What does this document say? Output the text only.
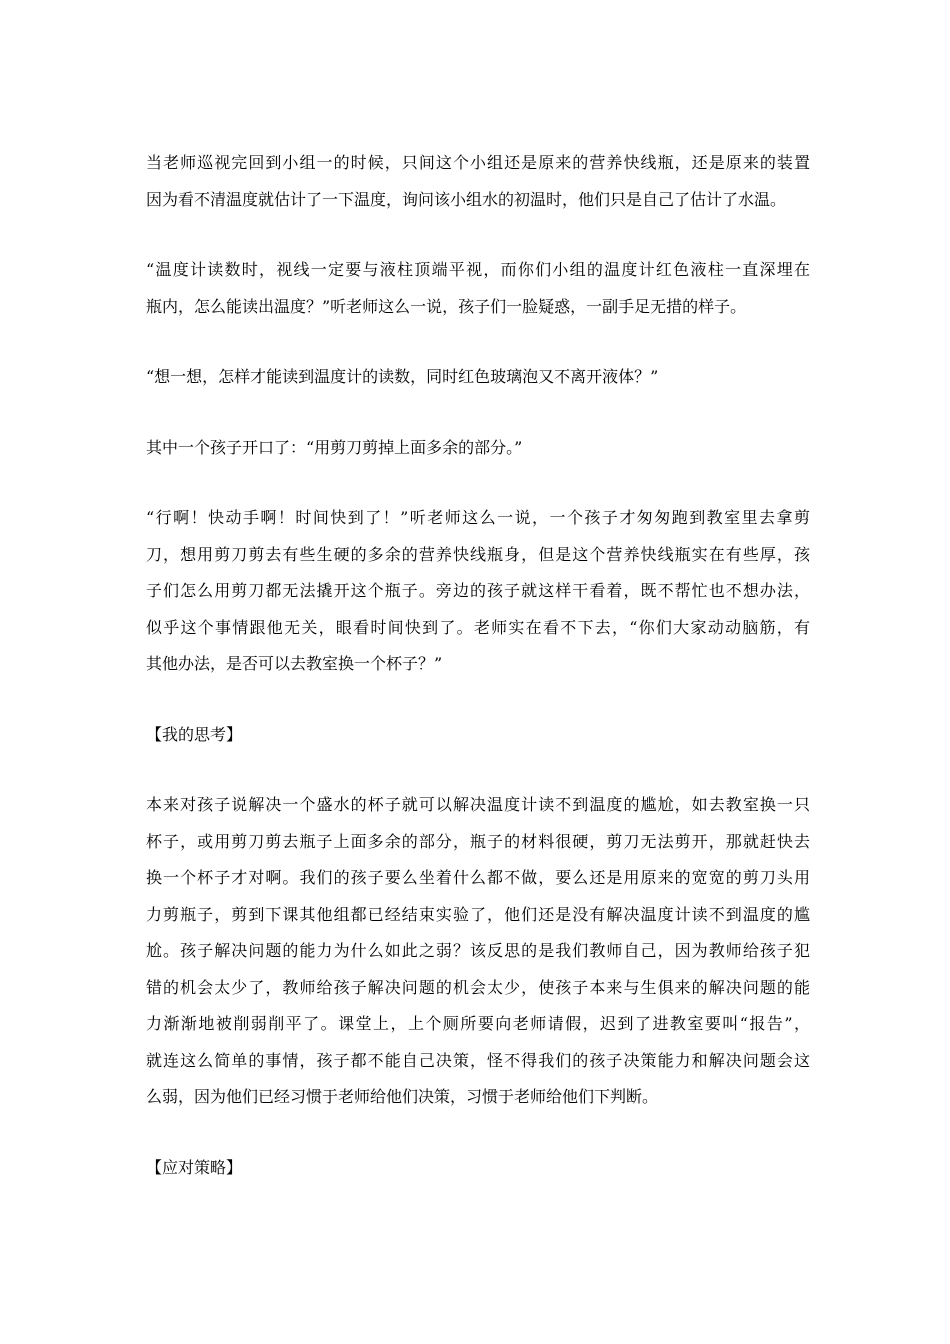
当老师巡视完回到小组一的时候，只间这个小组还是原来的营养快线瓶，还是原来的装置
因为看不清温度就估计了一下温度，询问该小组水的初温时，他们只是自己了估计了水温。

“温度计读数时，视线一定要与液柱顶端平视，而你们小组的温度计红色液柱一直深埋在
瓶内，怎么能读出温度？”听老师这么一说，孩子们一脸疑惑，一副手足无措的样子。

“想一想，怎样才能读到温度计的读数，同时红色玻璃泡又不离开液体？”

其中一个孩子开口了：“用剪刀剪掉上面多余的部分。”

“行啊！快动手啊！时间快到了！”听老师这么一说，一个孩子才匆匆跑到教室里去拿剪
刀，想用剪刀剪去有些生硬的多余的营养快线瓶身，但是这个营养快线瓶实在有些厚，孩
子们怎么用剪刀都无法撬开这个瓶子。旁边的孩子就这样干看着，既不帮忙也不想办法，
似乎这个事情跟他无关，眼看时间快到了。老师实在看不下去，“你们大家动动脑筋，有
其他办法，是否可以去教室换一个杯子？”

【我的思考】

本来对孩子说解决一个盛水的杯子就可以解决温度计读不到温度的尴尬，如去教室换一只
杯子，或用剪刀剪去瓶子上面多余的部分，瓶子的材料很硬，剪刀无法剪开，那就赶快去
换一个杯子才对啊。我们的孩子要么坐着什么都不做，要么还是用原来的宽宽的剪刀头用
力剪瓶子，剪到下课其他组都已经结束实验了，他们还是没有解决温度计读不到温度的尴
尬。孩子解决问题的能力为什么如此之弱？该反思的是我们教师自己，因为教师给孩子犯
错的机会太少了，教师给孩子解决问题的机会太少，使孩子本来与生俱来的解决问题的能
力渐渐地被削弱削平了。课堂上，上个厕所要向老师请假，迟到了进教室要叫“报告”，
就连这么简单的事情，孩子都不能自己决策，怪不得我们的孩子决策能力和解决问题会这
么弱，因为他们已经习惯于老师给他们决策，习惯于老师给他们下判断。

【应对策略】
